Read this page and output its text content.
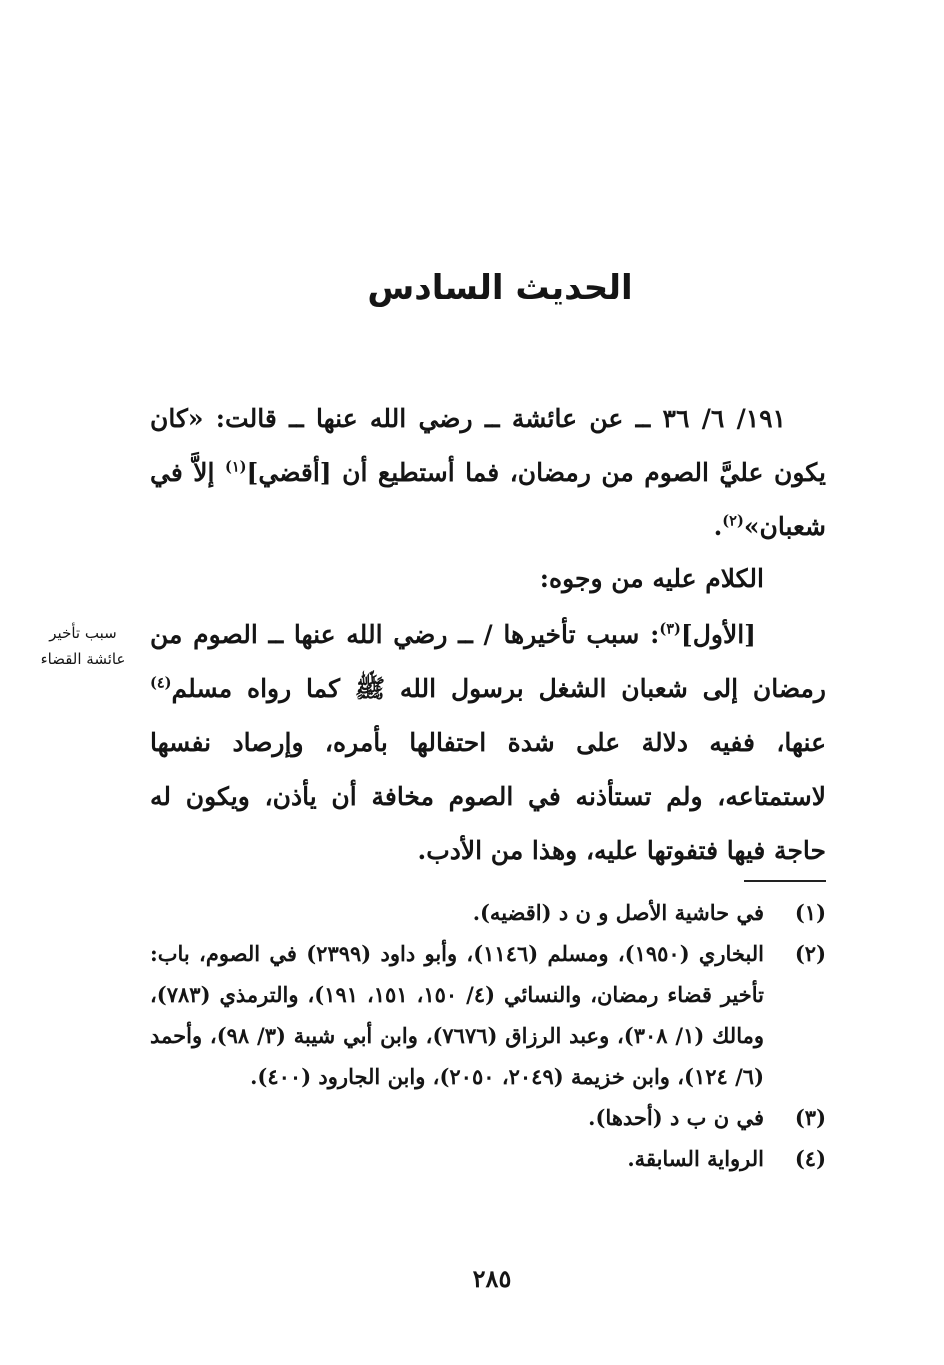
الحديث السادس

١٩١/ ٦/ ٣٦ ــ عن عائشة ــ رضي الله عنها ــ قالت: «كان يكون عليَّ الصوم من رمضان، فما أستطيع أن [أقضي]$^{(١)}$ إلاَّ في شعبان»$^{(٢)}$.

الكلام عليه من وجوه:

[الأول]$^{(٣)}$: سبب تأخيرها / ــ رضي الله عنها ــ الصوم من رمضان إلى شعبان الشغل برسول الله ﷺ كما رواه مسلم$^{(٤)}$ عنها، ففيه دلالة على شدة احتفالها بأمره، وإرصاد نفسها لاستمتاعه، ولم تستأذنه في الصوم مخافة أن يأذن، ويكون له حاجة فيها فتفوتها عليه، وهذا من الأدب.

سبب تأخير
عائشة القضاء

(١)
في حاشية الأصل و ن د (اقضيه).
(٢)
البخاري (١٩٥٠)، ومسلم (١١٤٦)، وأبو داود (٢٣٩٩) في الصوم، باب: تأخير قضاء رمضان، والنسائي (٤/ ١٥٠، ١٥١، ١٩١)، والترمذي (٧٨٣)، ومالك (١/ ٣٠٨)، وعبد الرزاق (٧٦٧٦)، وابن أبي شيبة (٣/ ٩٨)، وأحمد (٦/ ١٢٤)، وابن خزيمة (٢٠٤٩، ٢٠٥٠)، وابن الجارود (٤٠٠).
(٣)
في ن ب د (أحدها).
(٤)
الرواية السابقة.

٢٨٥
